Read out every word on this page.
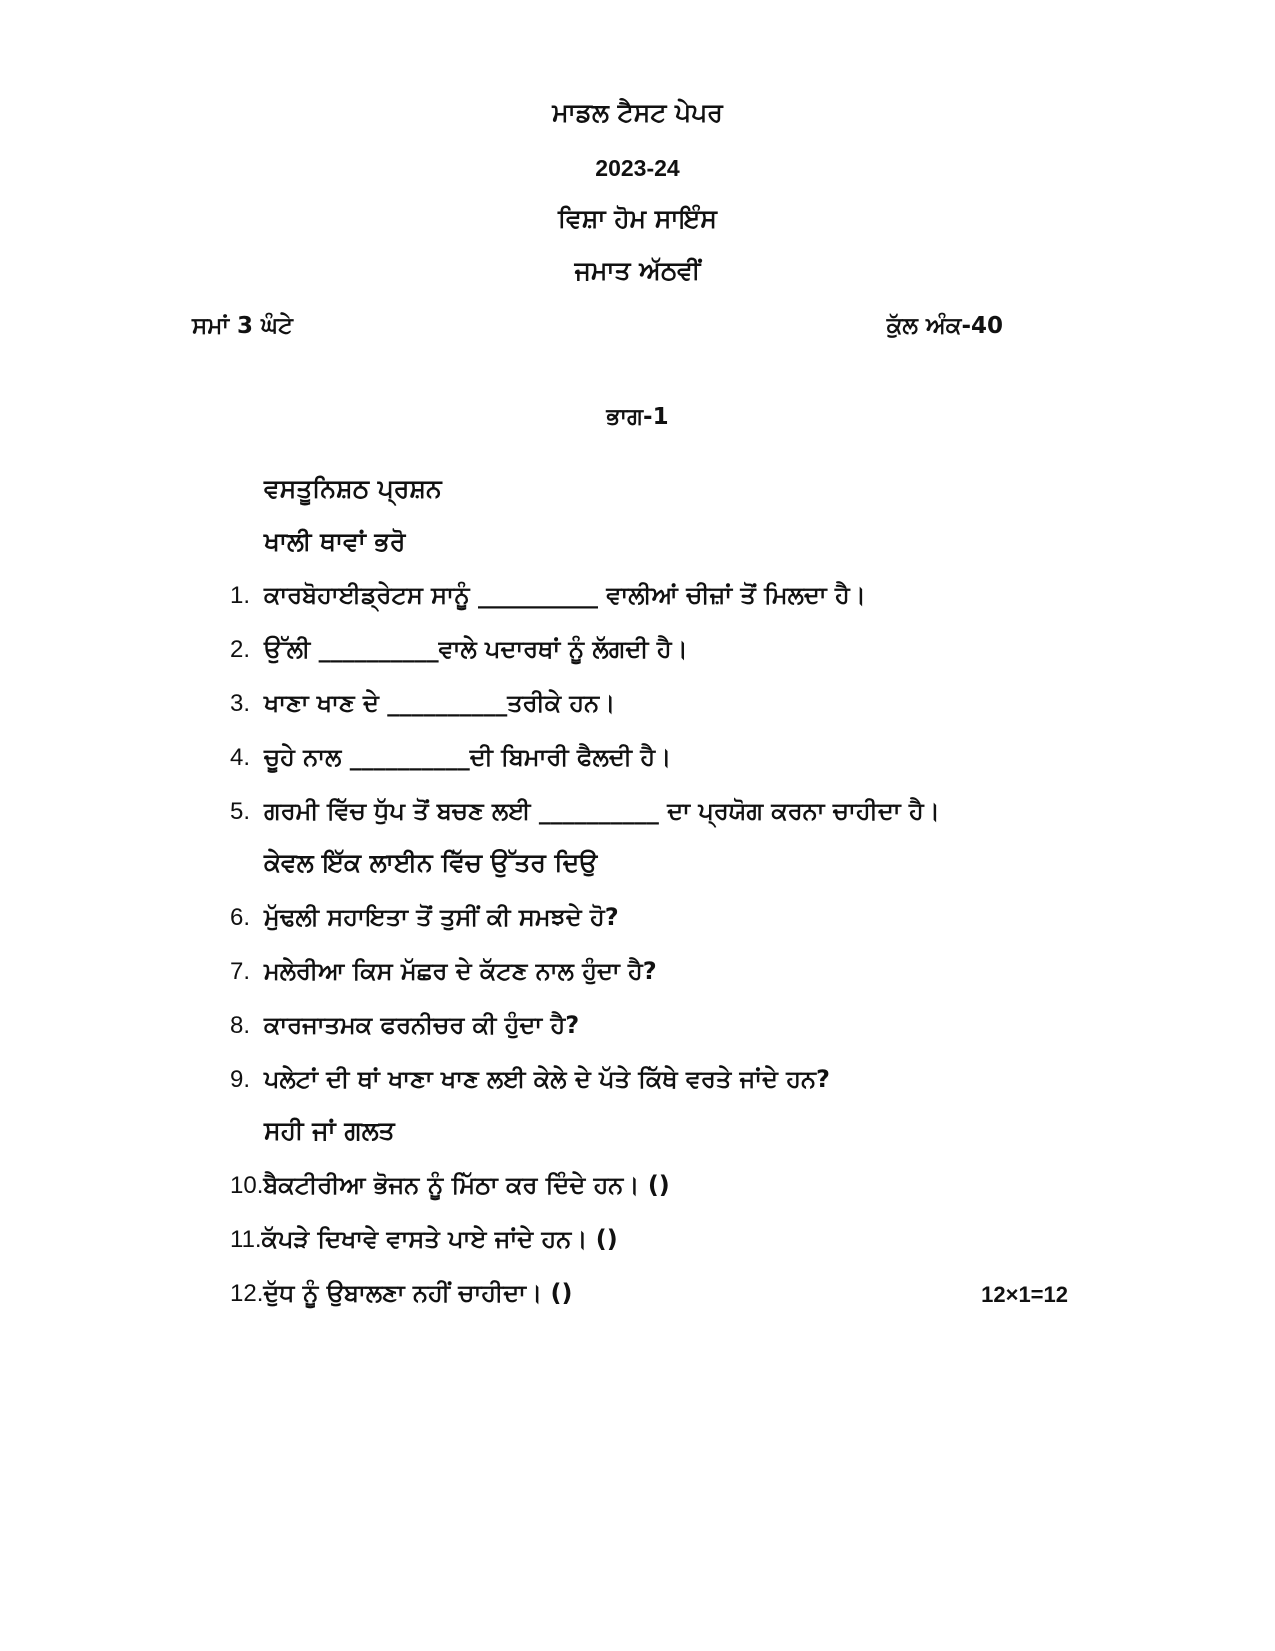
ਮਾਡਲ ਟੈਸਟ ਪੇਪਰ
2023-24
ਵਿਸ਼ਾ ਹੋਮ ਸਾਇੰਸ
ਜਮਾਤ ਅੱਠਵੀਂ
ਸਮਾਂ 3 ਘੰਟੇ	ਕੁੱਲ ਅੰਕ-40
ਭਾਗ-1
ਵਸਤੂਨਿਸ਼ਠ ਪ੍ਰਸ਼ਨ
ਖਾਲੀ ਥਾਵਾਂ ਭਰੋ
1. ਕਾਰਬੋਹਾਈਡ੍ਰੇਟਸ ਸਾਨੂੰ __________ ਵਾਲੀਆਂ ਚੀਜ਼ਾਂ ਤੋਂ ਮਿਲਦਾ ਹੈ।
2. ਉੱਲੀ __________ਵਾਲੇ ਪਦਾਰਥਾਂ ਨੂੰ ਲੱਗਦੀ ਹੈ।
3. ਖਾਣਾ ਖਾਣ ਦੇ __________ਤਰੀਕੇ ਹਨ।
4. ਚੂਹੇ ਨਾਲ __________ਦੀ ਬਿਮਾਰੀ ਫੈਲਦੀ ਹੈ।
5. ਗਰਮੀ ਵਿੱਚ ਧੁੱਪ ਤੋਂ ਬਚਣ ਲਈ __________ ਦਾ ਪ੍ਰਯੋਗ ਕਰਨਾ ਚਾਹੀਦਾ ਹੈ।
ਕੇਵਲ ਇੱਕ ਲਾਈਨ ਵਿੱਚ ਉੱਤਰ ਦਿਉ
6. ਮੁੱਢਲੀ ਸਹਾਇਤਾ ਤੋਂ ਤੁਸੀਂ ਕੀ ਸਮਝਦੇ ਹੋ?
7. ਮਲੇਰੀਆ ਕਿਸ ਮੱਛਰ ਦੇ ਕੱਟਣ ਨਾਲ ਹੁੰਦਾ ਹੈ?
8. ਕਾਰਜਾਤਮਕ ਫਰਨੀਚਰ ਕੀ ਹੁੰਦਾ ਹੈ?
9. ਪਲੇਟਾਂ ਦੀ ਥਾਂ ਖਾਣਾ ਖਾਣ ਲਈ ਕੇਲੇ ਦੇ ਪੱਤੇ ਕਿੱਥੇ ਵਰਤੇ ਜਾਂਦੇ ਹਨ?
ਸਹੀ ਜਾਂ ਗਲਤ
10. ਬੈਕਟੀਰੀਆ ਭੋਜਨ ਨੂੰ ਮਿੱਠਾ ਕਰ ਦਿੰਦੇ ਹਨ। ()
11. ਕੱਪੜੇ ਦਿਖਾਵੇ ਵਾਸਤੇ ਪਾਏ ਜਾਂਦੇ ਹਨ। ()
12. ਦੁੱਧ ਨੂੰ ਉਬਾਲਣਾ ਨਹੀਂ ਚਾਹੀਦਾ। ()	12×1=12
